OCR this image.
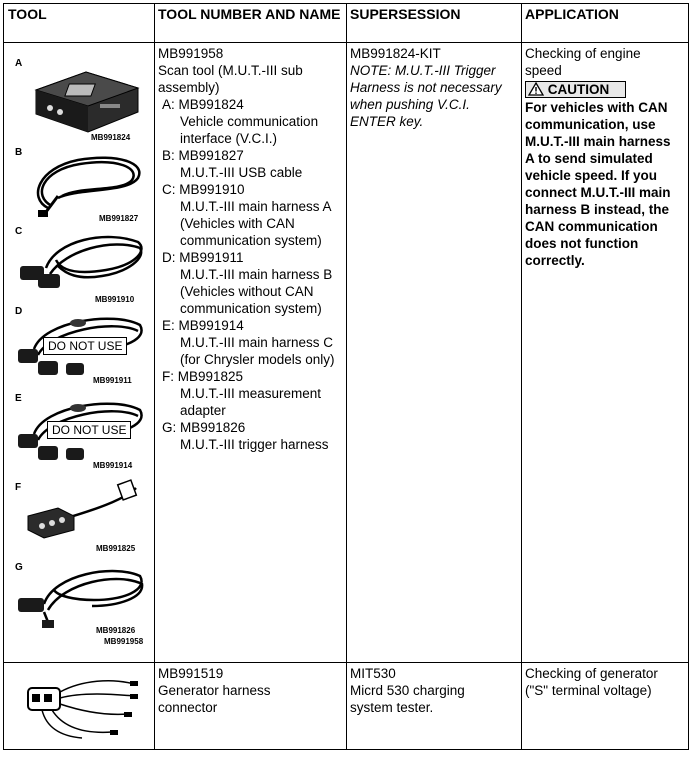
TOOL	TOOL NUMBER AND NAME SUPERSESSION	APPLICATION
A
MB991824
B
MB991827
C
MB991910
D
DO NOT USE
MB991911
E
DO NOT USE
MB991914
F
MB991825
G
MB991826
MB991958
MB991958
Scan tool (M.U.T.-III sub
assembly)
A: MB991824
Vehicle communication
interface (V.C.I.)
B: MB991827
M.U.T.-III USB cable
C: MB991910
M.U.T.-III main harness A
(Vehicles with CAN
communication system)
D: MB991911
M.U.T.-III main harness B
(Vehicles without CAN
communication system)
E: MB991914
M.U.T.-III main harness C
(for Chrysler models only)
F: MB991825
M.U.T.-III measurement
adapter
G: MB991826
M.U.T.-III trigger harness
MB991824-KIT
NOTE: M.U.T.-III Trigger
Harness is not necessary
when pushing V.C.I.
ENTER key.
Checking of engine
speed
CAUTION
For vehicles with CAN
communication, use
M.U.T.-III main harness
A to send simulated
vehicle speed. If you
connect M.U.T.-III main
harness B instead, the
CAN communication
does not function
correctly.
MB991519
Generator harness
connector
MIT530
Micrd 530 charging
system tester.
Checking of generator
("S" terminal voltage)
